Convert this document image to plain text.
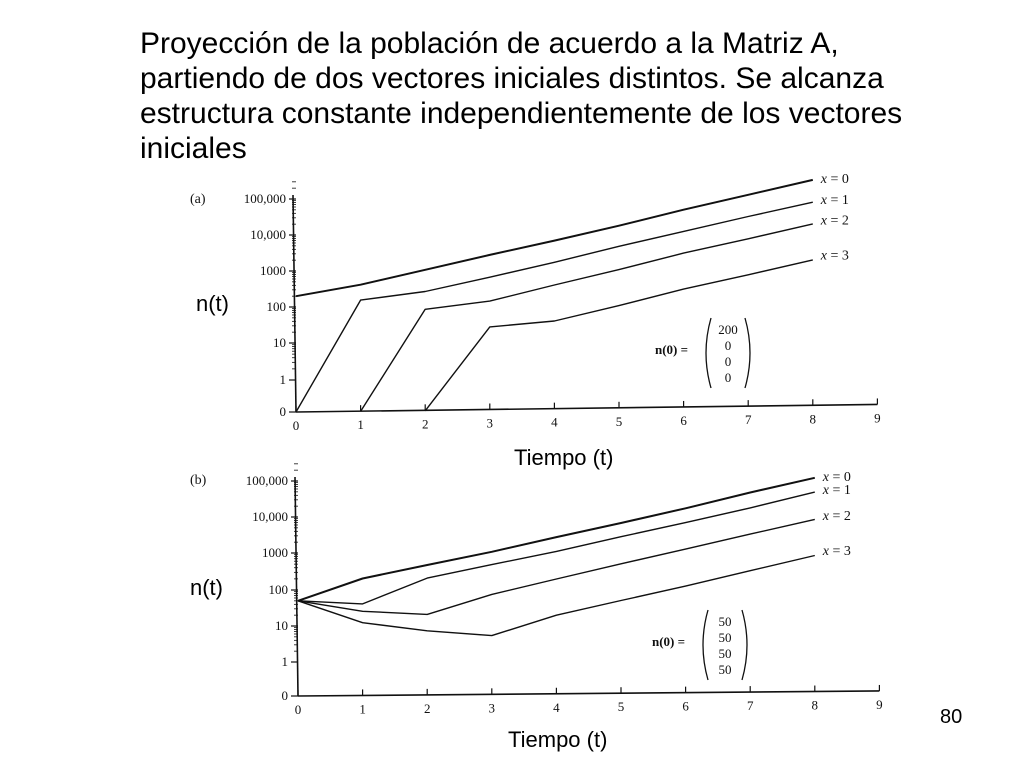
Proyección de la población de acuerdo a la Matriz A, partiendo de dos vectores iniciales distintos. Se alcanza estructura constante independientemente de los vectores iniciales
(a)
0
1
10
100
1000
10,000
100,000
0	1	2	3	4	5	6	7	8	9
x = 0
x = 1
x = 2
x = 3
n(0) =
200
0
0
0
(b)
0
1
10
100
1000
10,000
100,000
0	1	2	3	4	5	6	7	8	9
x = 0
x = 1
x = 2
x = 3
n(0) =
50
50
50
50
n(t)
Tiempo (t)
n(t)
Tiempo (t)
80
